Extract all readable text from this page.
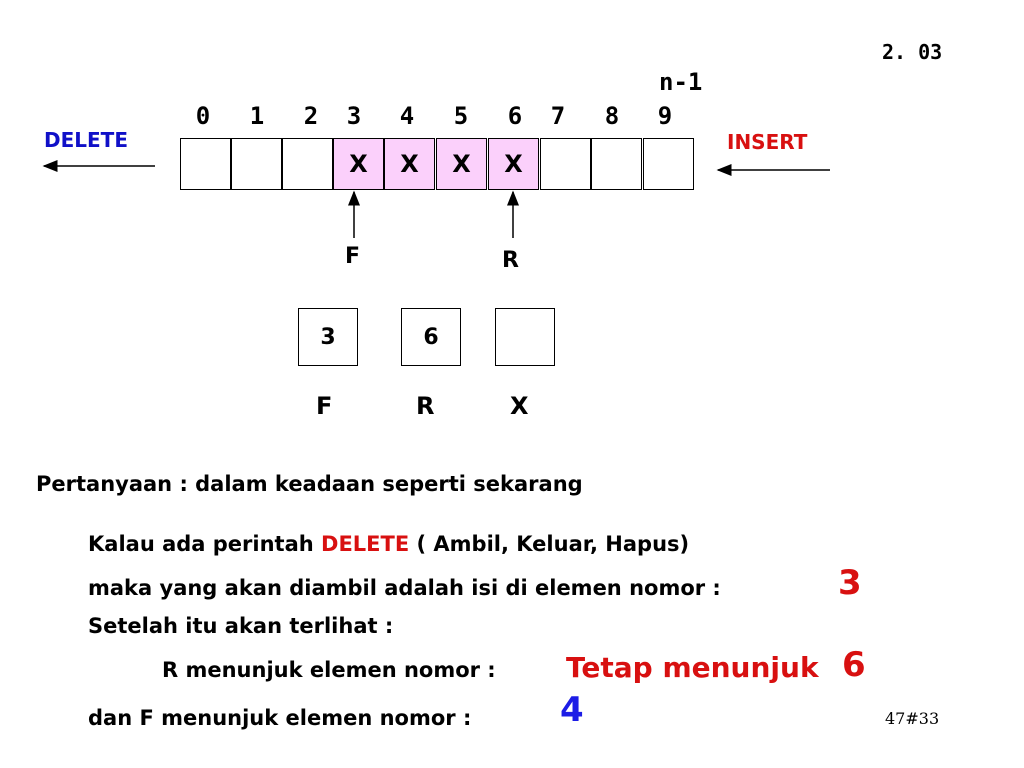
2. 03
n-1
0	1	2	3	4	5	6	7	8	9
X	X	X	X
DELETE	INSERT
F	R
3	6
F	R	X
Pertanyaan : dalam keadaan seperti sekarang
Kalau ada perintah DELETE ( Ambil, Keluar, Hapus)
maka yang akan diambil adalah isi di elemen nomor :	3
Setelah itu akan terlihat :
R menunjuk elemen nomor :	Tetap menunjuk 6
dan F menunjuk elemen nomor :	4	47#33
